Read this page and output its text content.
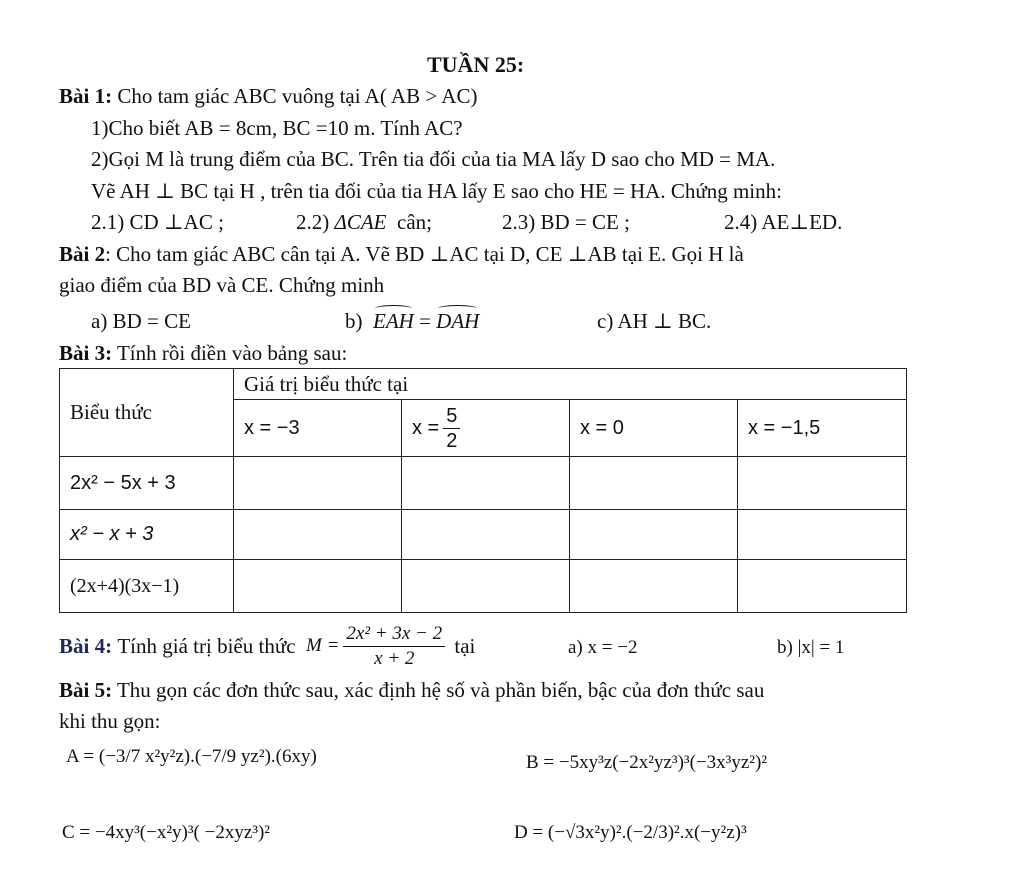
TUẦN 25:
Bài 1: Cho tam giác ABC vuông tại A( AB > AC)
1)Cho biết AB = 8cm, BC =10 m. Tính AC?
2)Gọi M là trung điểm của BC. Trên tia đối của tia MA lấy D sao cho MD = MA.
Vẽ AH ⊥ BC tại H , trên tia đối của tia HA lấy E sao cho HE = HA. Chứng minh:
2.1) CD ⊥AC ;	2.2) ΔCAE cân;	2.3) BD = CE ;	2.4) AE⊥ED.
Bài 2: Cho tam giác ABC cân tại A. Vẽ BD ⊥AC tại D, CE ⊥AB tại E. Gọi H là
giao điểm của BD và CE. Chứng minh
a) BD = CE	b) EAH = DAH	c) AH ⊥ BC.
Bài 3: Tính rồi điền vào bảng sau:
Biểu thức	Giá trị biểu thức tại			
	x = −3	$x = \frac{5}{2}$	x = 0	x = −1,5
2x² − 5x + 3				
x² − x + 3				
(2x+4)(3x−1)				
Bài 4:
Tính giá trị biểu thức
$M = \frac{\text{2x² + 3x − 2}}{x + 2}$
tại	a) x = −2	b) |x| = 1
Bài 5: Thu gọn các đơn thức sau, xác định hệ số và phần biến, bậc của đơn thức sau
khi thu gọn:
A = (−3/7 x²y²z).(−7/9 yz²).(6xy)	B = −5xy³z(−2x²yz³)³(−3x³yz²)²
C = −4xy³(−x²y)³( −2xyz³)²	D = (−√3x²y)².(−2/3)².x(−y²z)³
